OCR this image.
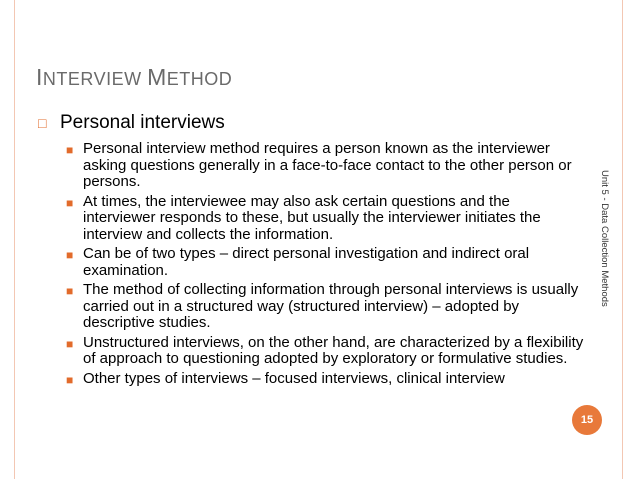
INTERVIEW METHOD
□ Personal interviews
■ Personal interview method requires a person known as the interviewer asking questions generally in a face-to-face contact to the other person or persons.
■ At times, the interviewee may also ask certain questions and the interviewer responds to these, but usually the interviewer initiates the interview and collects the information.
■ Can be of two types – direct personal investigation and indirect oral examination.
■ The method of collecting information through personal interviews is usually carried out in a structured way (structured interview) – adopted by descriptive studies.
■ Unstructured interviews, on the other hand, are characterized by a flexibility of approach to questioning adopted by exploratory or formulative studies.
■ Other types of interviews – focused interviews, clinical interview
Unit 5 - Data Collection Methods
15
